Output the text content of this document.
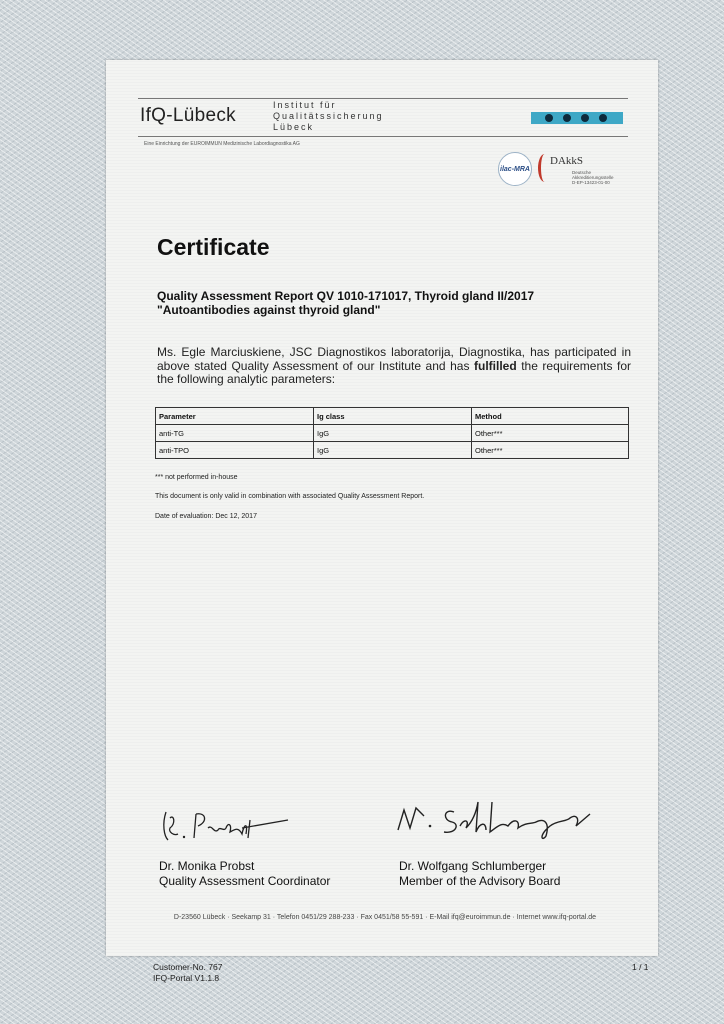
IfQ-Lübeck	Institut für
Qualitätssicherung
Lübeck
Eine Einrichtung der EUROIMMUN Medizinische Labordiagnostika AG
ilac-MRA
DAkkS
Deutsche
Akkreditierungsstelle
D-EP-13423-01-00
Certificate
Quality Assessment Report QV 1010-171017, Thyroid gland II/2017
"Autoantibodies against thyroid gland"
Ms. Egle Marciuskiene, JSC Diagnostikos laboratorija, Diagnostika, has participated in above stated Quality Assessment of our Institute and has fulfilled the requirements for the following analytic parameters:
Parameter	Ig class	Method
anti-TG	IgG	Other***
anti-TPO	IgG	Other***
*** not performed in-house
This document is only valid in combination with associated Quality Assessment Report.
Date of evaluation: Dec 12, 2017
Dr. Monika Probst
Quality Assessment Coordinator
Dr. Wolfgang Schlumberger
Member of the Advisory Board
D-23560 Lübeck · Seekamp 31 · Telefon 0451/29 288-233 · Fax 0451/58 55-591 · E-Mail ifq@euroimmun.de · Internet www.ifq-portal.de
Customer-No. 767
IFQ-Portal V1.1.8
1 / 1
